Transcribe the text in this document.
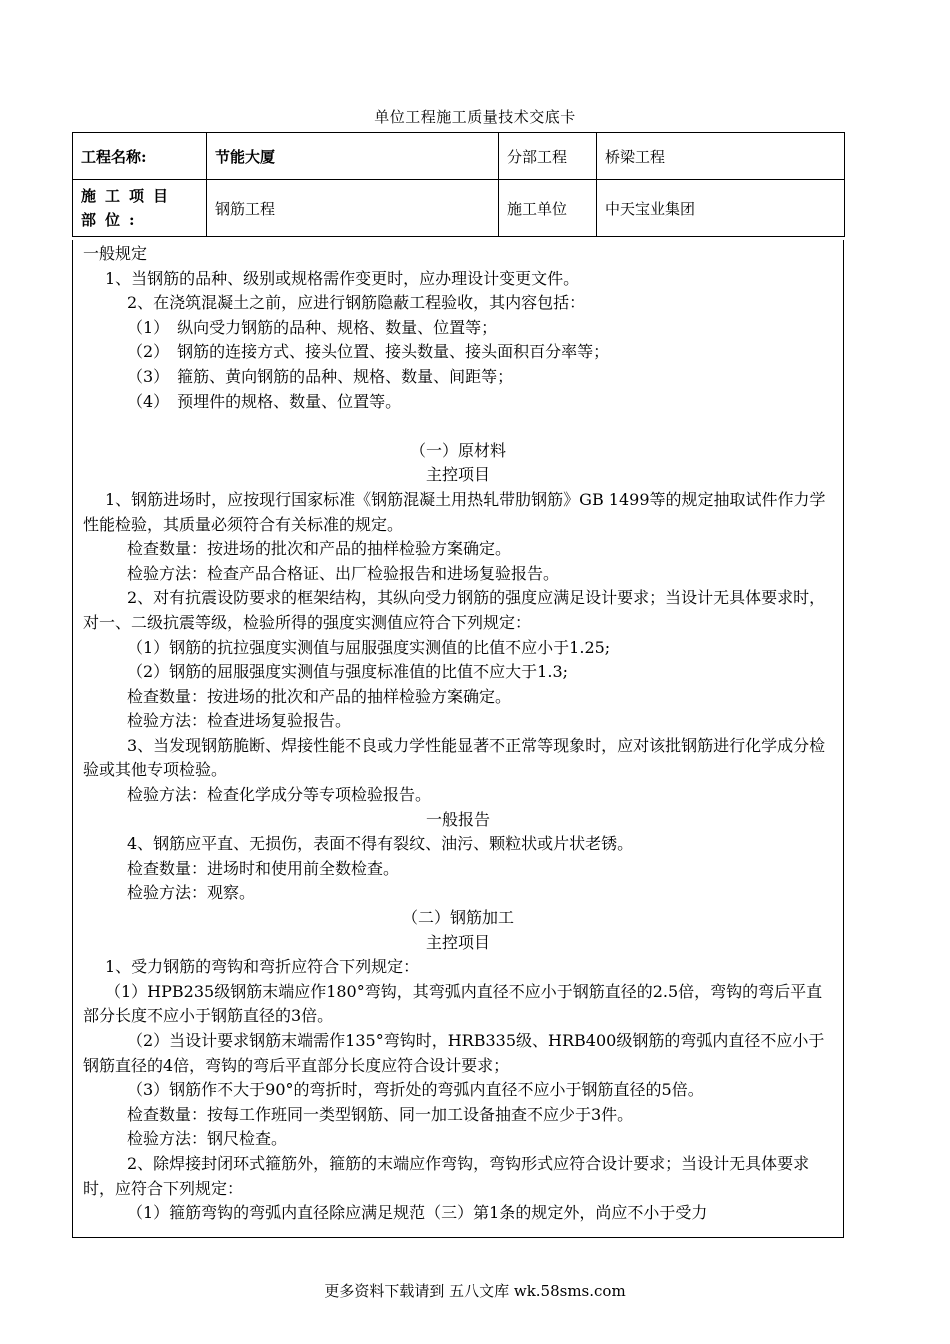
单位工程施工质量技术交底卡
工程名称:	节能大厦	分部工程	桥梁工程
施工项目部位:	钢筋工程	施工单位	中天宝业集团

一般规定

1、当钢筋的品种、级别或规格需作变更时，应办理设计变更文件。

2、在浇筑混凝土之前，应进行钢筋隐蔽工程验收，其内容包括：

（1）　纵向受力钢筋的品种、规格、数量、位置等；

（2）　钢筋的连接方式、接头位置、接头数量、接头面积百分率等；

（3）　箍筋、黄向钢筋的品种、规格、数量、间距等；

（4）　预埋件的规格、数量、位置等。

（一）原材料

主控项目

1、钢筋进场时，应按现行国家标准《钢筋混凝土用热轧带肋钢筋》GB 1499等的规定抽取试件作力学性能检验，其质量必须符合有关标准的规定。

检查数量：按进场的批次和产品的抽样检验方案确定。

检验方法：检查产品合格证、出厂检验报告和进场复验报告。

2、对有抗震设防要求的框架结构，其纵向受力钢筋的强度应满足设计要求；当设计无具体要求时，对一、二级抗震等级，检验所得的强度实测值应符合下列规定：

（1）钢筋的抗拉强度实测值与屈服强度实测值的比值不应小于1.25;

（2）钢筋的屈服强度实测值与强度标准值的比值不应大于1.3;

检查数量：按进场的批次和产品的抽样检验方案确定。

检验方法：检查进场复验报告。

3、当发现钢筋脆断、焊接性能不良或力学性能显著不正常等现象时，应对该批钢筋进行化学成分检验或其他专项检验。

检验方法：检查化学成分等专项检验报告。

一般报告

4、钢筋应平直、无损伤，表面不得有裂纹、油污、颗粒状或片状老锈。

检查数量：进场时和使用前全数检查。

检验方法：观察。

（二）钢筋加工

主控项目

1、受力钢筋的弯钩和弯折应符合下列规定：

（1）HPB235级钢筋末端应作180°弯钩，其弯弧内直径不应小于钢筋直径的2.5倍，弯钩的弯后平直部分长度不应小于钢筋直径的3倍。

（2）当设计要求钢筋末端需作135°弯钩时，HRB335级、HRB400级钢筋的弯弧内直径不应小于钢筋直径的4倍，弯钩的弯后平直部分长度应符合设计要求；

（3）钢筋作不大于90°的弯折时，弯折处的弯弧内直径不应小于钢筋直径的5倍。

检查数量：按每工作班同一类型钢筋、同一加工设备抽查不应少于3件。

检验方法：钢尺检查。

2、除焊接封闭环式箍筋外，箍筋的末端应作弯钩，弯钩形式应符合设计要求；当设计无具体要求时，应符合下列规定：

（1）箍筋弯钩的弯弧内直径除应满足规范（三）第1条的规定外，尚应不小于受力

更多资料下载请到 五八文库 wk.58sms.com
